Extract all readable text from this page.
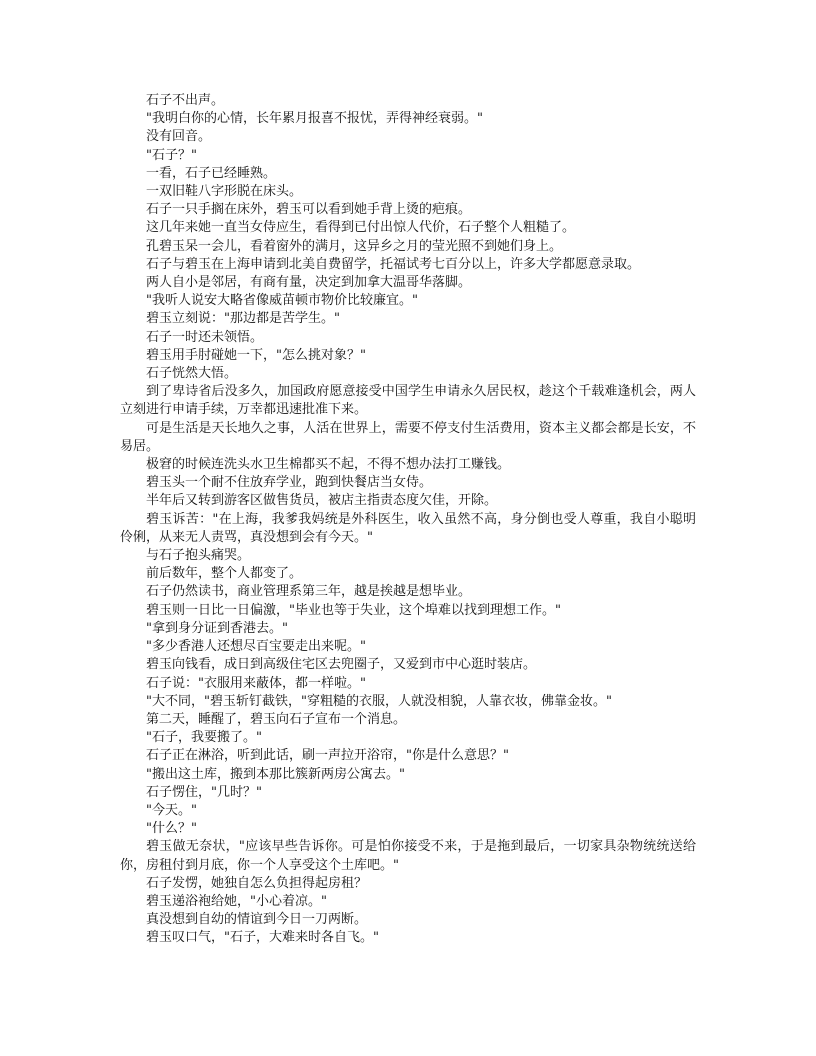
石子不出声。

"我明白你的心情，长年累月报喜不报忧，弄得神经衰弱。"

没有回音。

"石子？"

一看，石子已经睡熟。

一双旧鞋八字形脱在床头。

石子一只手搁在床外，碧玉可以看到她手背上烫的疤痕。

这几年来她一直当女侍应生，看得到已付出惊人代价，石子整个人粗糙了。

孔碧玉呆一会儿，看着窗外的满月，这异乡之月的莹光照不到她们身上。

石子与碧玉在上海申请到北美自费留学，托福试考七百分以上，许多大学都愿意录取。

两人自小是邻居，有商有量，决定到加拿大温哥华落脚。

"我听人说安大略省像威苗顿市物价比较廉宜。"

碧玉立刻说："那边都是苦学生。"

石子一时还未领悟。

碧玉用手肘碰她一下，"怎么挑对象？"

石子恍然大悟。

到了卑诗省后没多久，加国政府愿意接受中国学生申请永久居民权，趁这个千载难逢机会，两人立刻进行申请手续，万幸都迅速批准下来。

可是生活是天长地久之事，人活在世界上，需要不停支付生活费用，资本主义都会都是长安，不易居。

极窘的时候连洗头水卫生棉都买不起，不得不想办法打工赚钱。

碧玉头一个耐不住放弃学业，跑到快餐店当女侍。

半年后又转到游客区做售货员，被店主指责态度欠佳，开除。

碧玉诉苦："在上海，我爹我妈统是外科医生，收入虽然不高，身分倒也受人尊重，我自小聪明伶俐，从来无人责骂，真没想到会有今天。"

与石子抱头痛哭。

前后数年，整个人都变了。

石子仍然读书，商业管理系第三年，越是挨越是想毕业。

碧玉则一日比一日偏激，"毕业也等于失业，这个埠难以找到理想工作。"

"拿到身分证到香港去。"

"多少香港人还想尽百宝要走出来呢。"

碧玉向钱看，成日到高级住宅区去兜圈子，又爱到市中心逛时装店。

石子说："衣服用来蔽体，都一样啦。"

"大不同，"碧玉斩钉截铁，"穿粗糙的衣服，人就没相貌，人靠衣妆，佛靠金妆。"

第二天，睡醒了，碧玉向石子宣布一个消息。

"石子，我要搬了。"

石子正在淋浴，听到此话，刷一声拉开浴帘，"你是什么意思？"

"搬出这土库，搬到本那比簇新两房公寓去。"

石子愣住，"几时？"

"今天。"

"什么？"

碧玉做无奈状，"应该早些告诉你。可是怕你接受不来，于是拖到最后，一切家具杂物统统送给你，房租付到月底，你一个人享受这个土库吧。"

石子发愣，她独自怎么负担得起房租？

碧玉递浴袍给她，"小心着凉。"

真没想到自幼的情谊到今日一刀两断。

碧玉叹口气，"石子，大难来时各自飞。"
